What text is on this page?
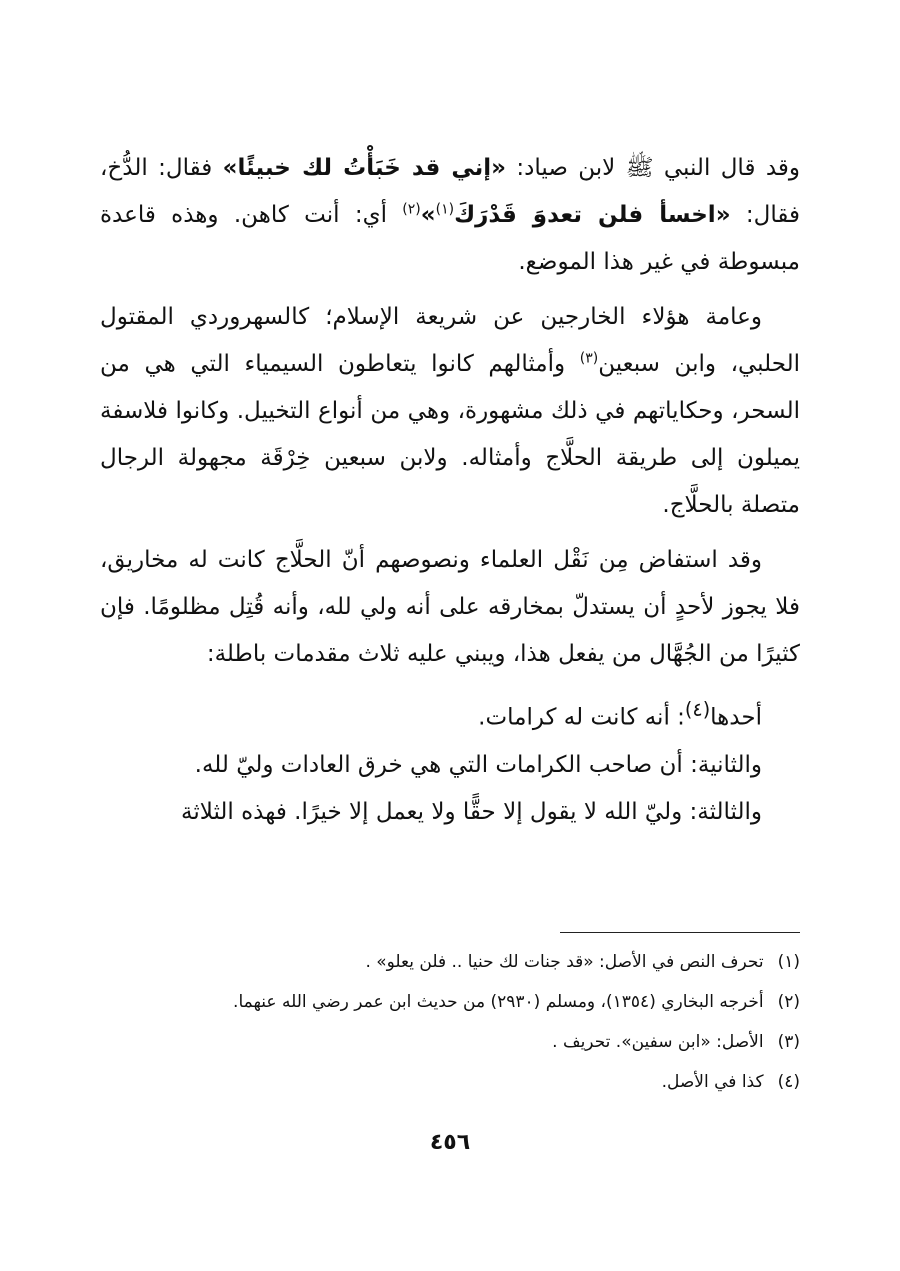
وقد قال النبي ﷺ لابن صياد: «إني قد خَبَأْتُ لك خبيئًا» فقال: الدُّخ، فقال: «اخسأ فلن تعدوَ قَدْرَكَ$^{(١)}$»$^{(٢)}$ أي: أنت كاهن. وهذه قاعدة مبسوطة في غير هذا الموضع.

وعامة هؤلاء الخارجين عن شريعة الإسلام؛ كالسهروردي المقتول الحلبي، وابن سبعين$^{(٣)}$ وأمثالهم كانوا يتعاطون السيمياء التي هي من السحر، وحكاياتهم في ذلك مشهورة، وهي من أنواع التخييل. وكانوا فلاسفة يميلون إلى طريقة الحلَّاج وأمثاله. ولابن سبعين خِرْقَة مجهولة الرجال متصلة بالحلَّاج.

وقد استفاض مِن نَقْل العلماء ونصوصهم أنّ الحلَّاج كانت له مخاريق، فلا يجوز لأحدٍ أن يستدلّ بمخارقه على أنه ولي لله، وأنه قُتِل مظلومًا. فإن كثيرًا من الجُهَّال من يفعل هذا، ويبني عليه ثلاث مقدمات باطلة:

أحدها$^{(٤)}$: أنه كانت له كرامات.

والثانية: أن صاحب الكرامات التي هي خرق العادات وليّ لله.

والثالثة: وليّ الله لا يقول إلا حقًّا ولا يعمل إلا خيرًا. فهذه الثلاثة

(١)تحرف النص في الأصل: «قد جنات لك حنيا .. فلن يعلو» .
(٢)أخرجه البخاري (١٣٥٤)، ومسلم (٢٩٣٠) من حديث ابن عمر رضي الله عنهما.
(٣)الأصل: «ابن سفين». تحريف .
(٤)كذا في الأصل.
٤٥٦
